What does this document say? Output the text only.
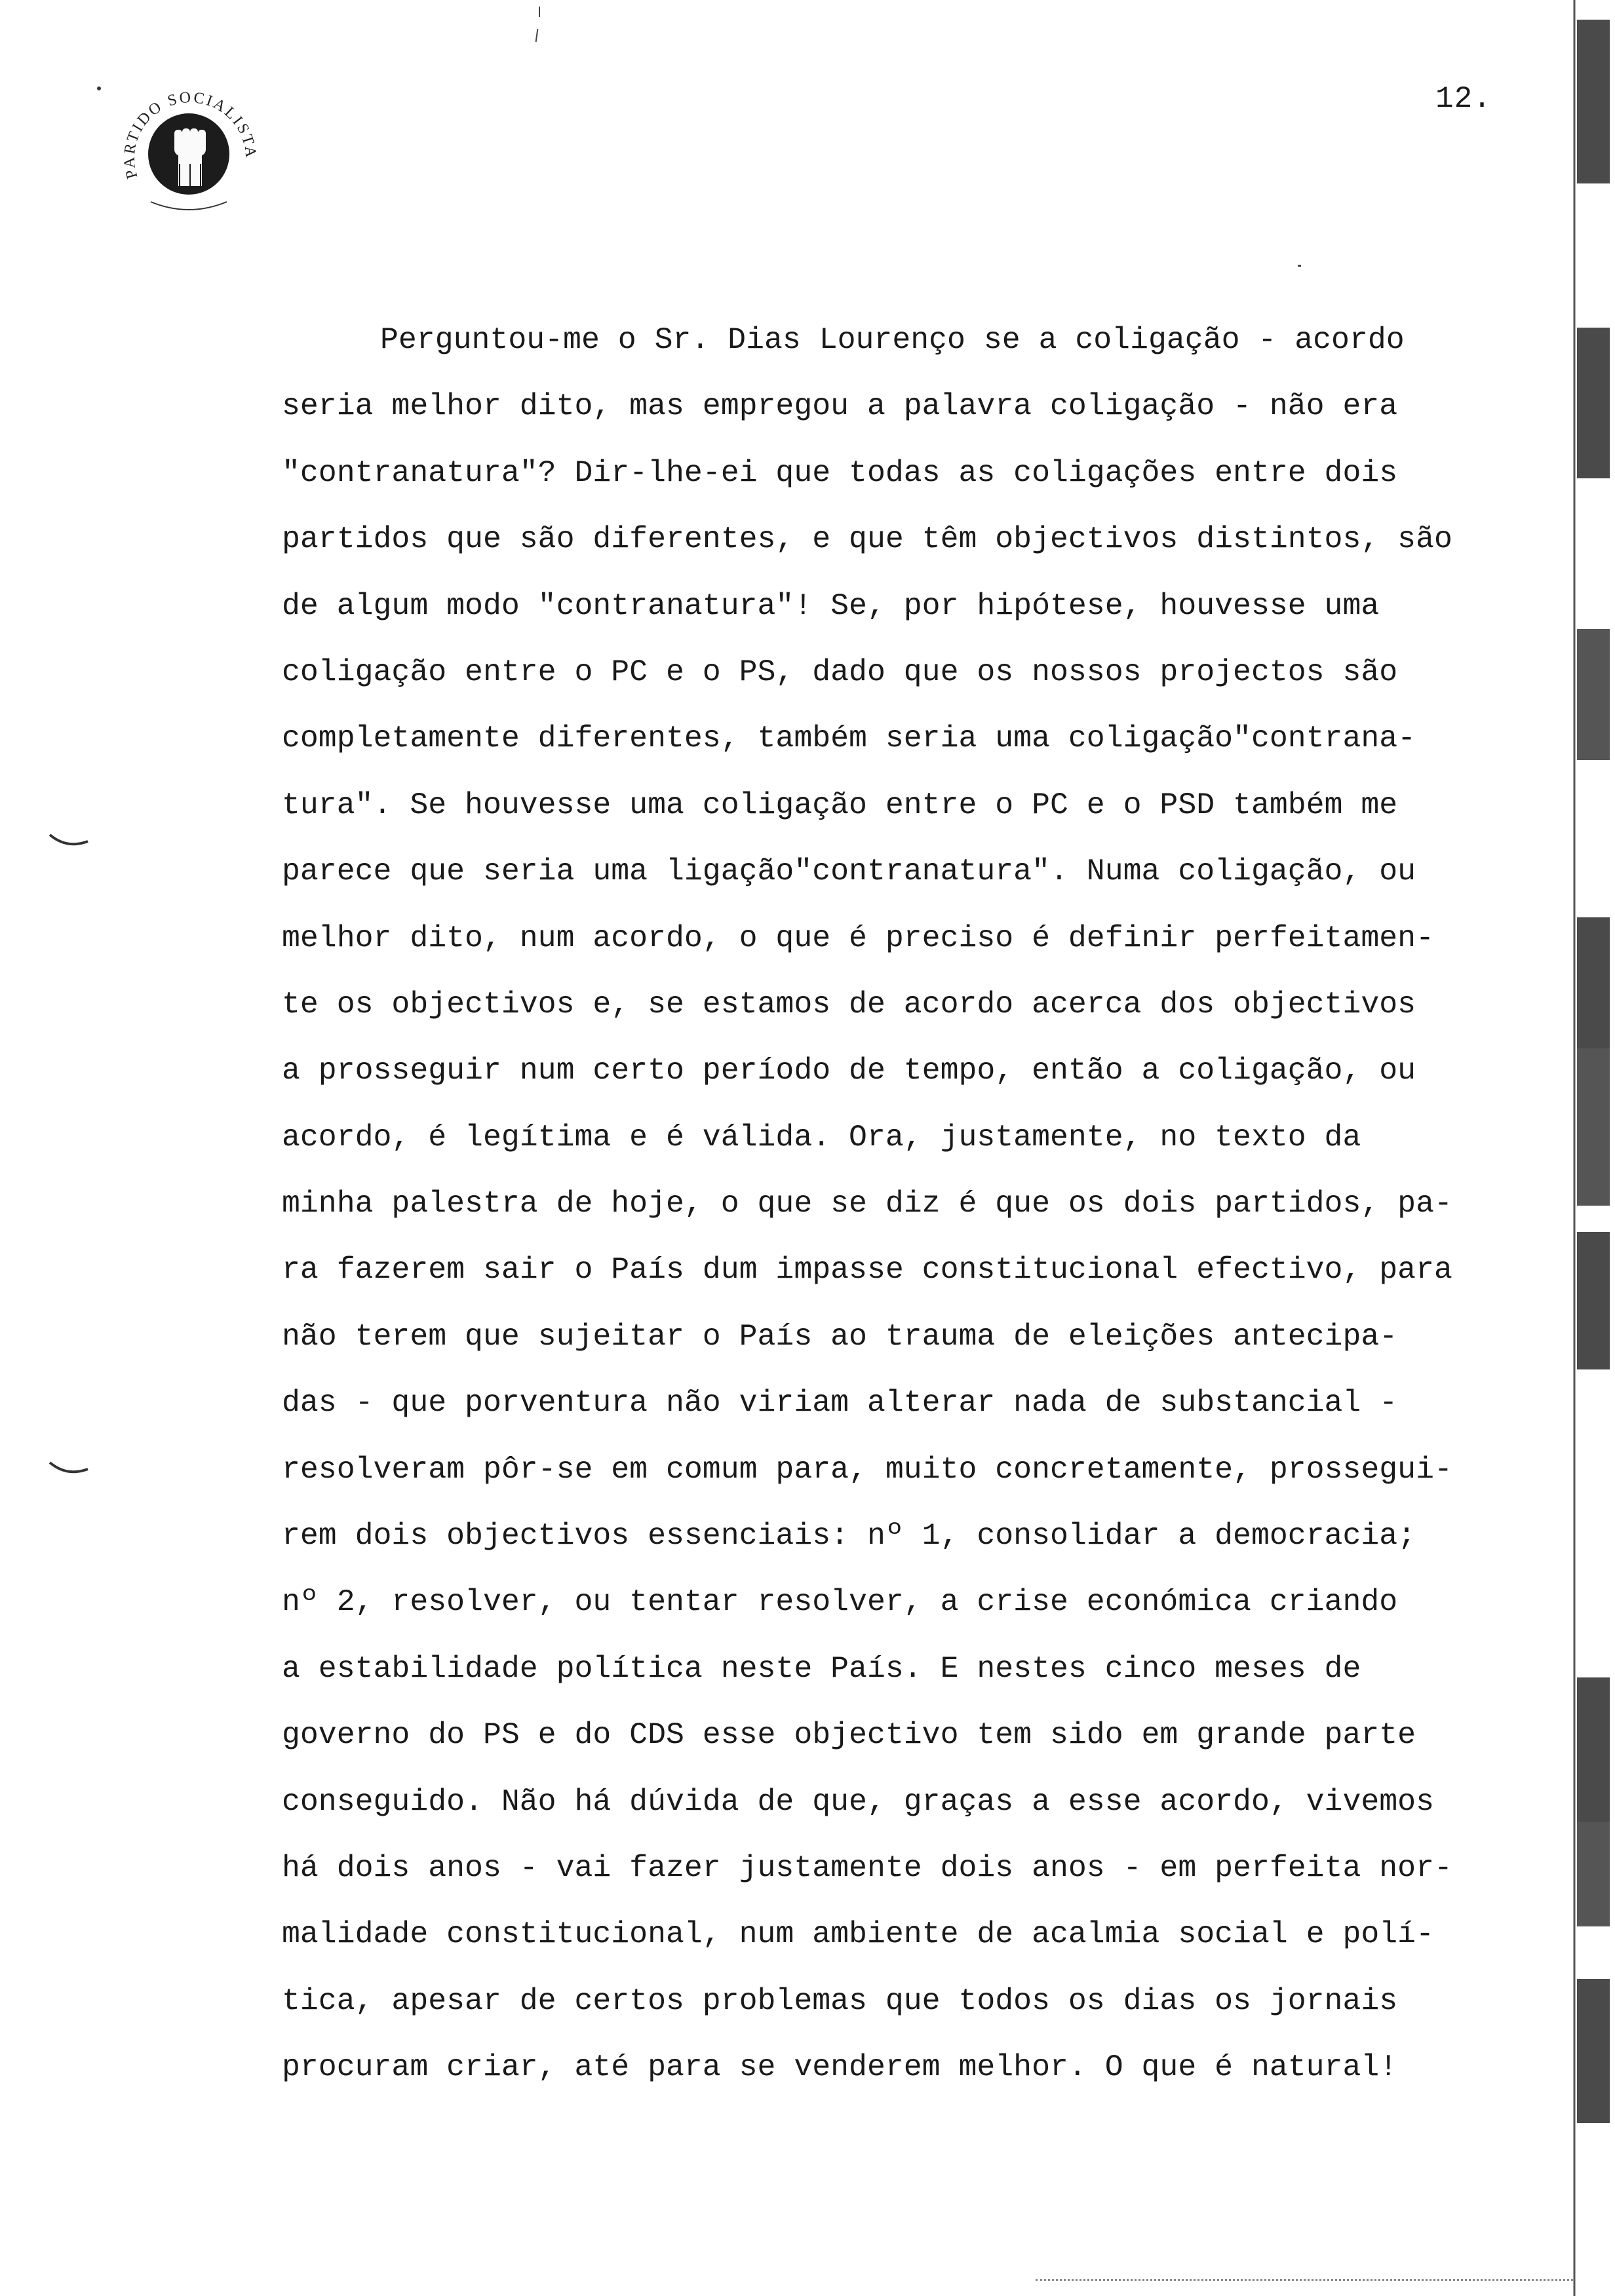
PARTIDO SOCIALISTA
12.
Perguntou-me o Sr. Dias Lourenço se a coligação - acordo
seria melhor dito, mas empregou a palavra coligação - não era
"contranatura"? Dir-lhe-ei que todas as coligações entre dois
partidos que são diferentes, e que têm objectivos distintos, são
de algum modo "contranatura"! Se, por hipótese, houvesse uma
coligação entre o PC e o PS, dado que os nossos projectos são
completamente diferentes, também seria uma coligação"contrana-
tura". Se houvesse uma coligação entre o PC e o PSD também me
parece que seria uma ligação"contranatura". Numa coligação, ou
melhor dito, num acordo, o que é preciso é definir perfeitamen-
te os objectivos e, se estamos de acordo acerca dos objectivos
a prosseguir num certo período de tempo, então a coligação, ou
acordo, é legítima e é válida. Ora, justamente, no texto da
minha palestra de hoje, o que se diz é que os dois partidos, pa-
ra fazerem sair o País dum impasse constitucional efectivo, para
não terem que sujeitar o País ao trauma de eleições antecipa-
das - que porventura não viriam alterar nada de substancial -
resolveram pôr-se em comum para, muito concretamente, prossegui-
rem dois objectivos essenciais: nº 1, consolidar a democracia;
nº 2, resolver, ou tentar resolver, a crise económica criando
a estabilidade política neste País. E nestes cinco meses de
governo do PS e do CDS esse objectivo tem sido em grande parte
conseguido. Não há dúvida de que, graças a esse acordo, vivemos
há dois anos - vai fazer justamente dois anos - em perfeita nor-
malidade constitucional, num ambiente de acalmia social e polí-
tica, apesar de certos problemas que todos os dias os jornais
procuram criar, até para se venderem melhor. O que é natural!
